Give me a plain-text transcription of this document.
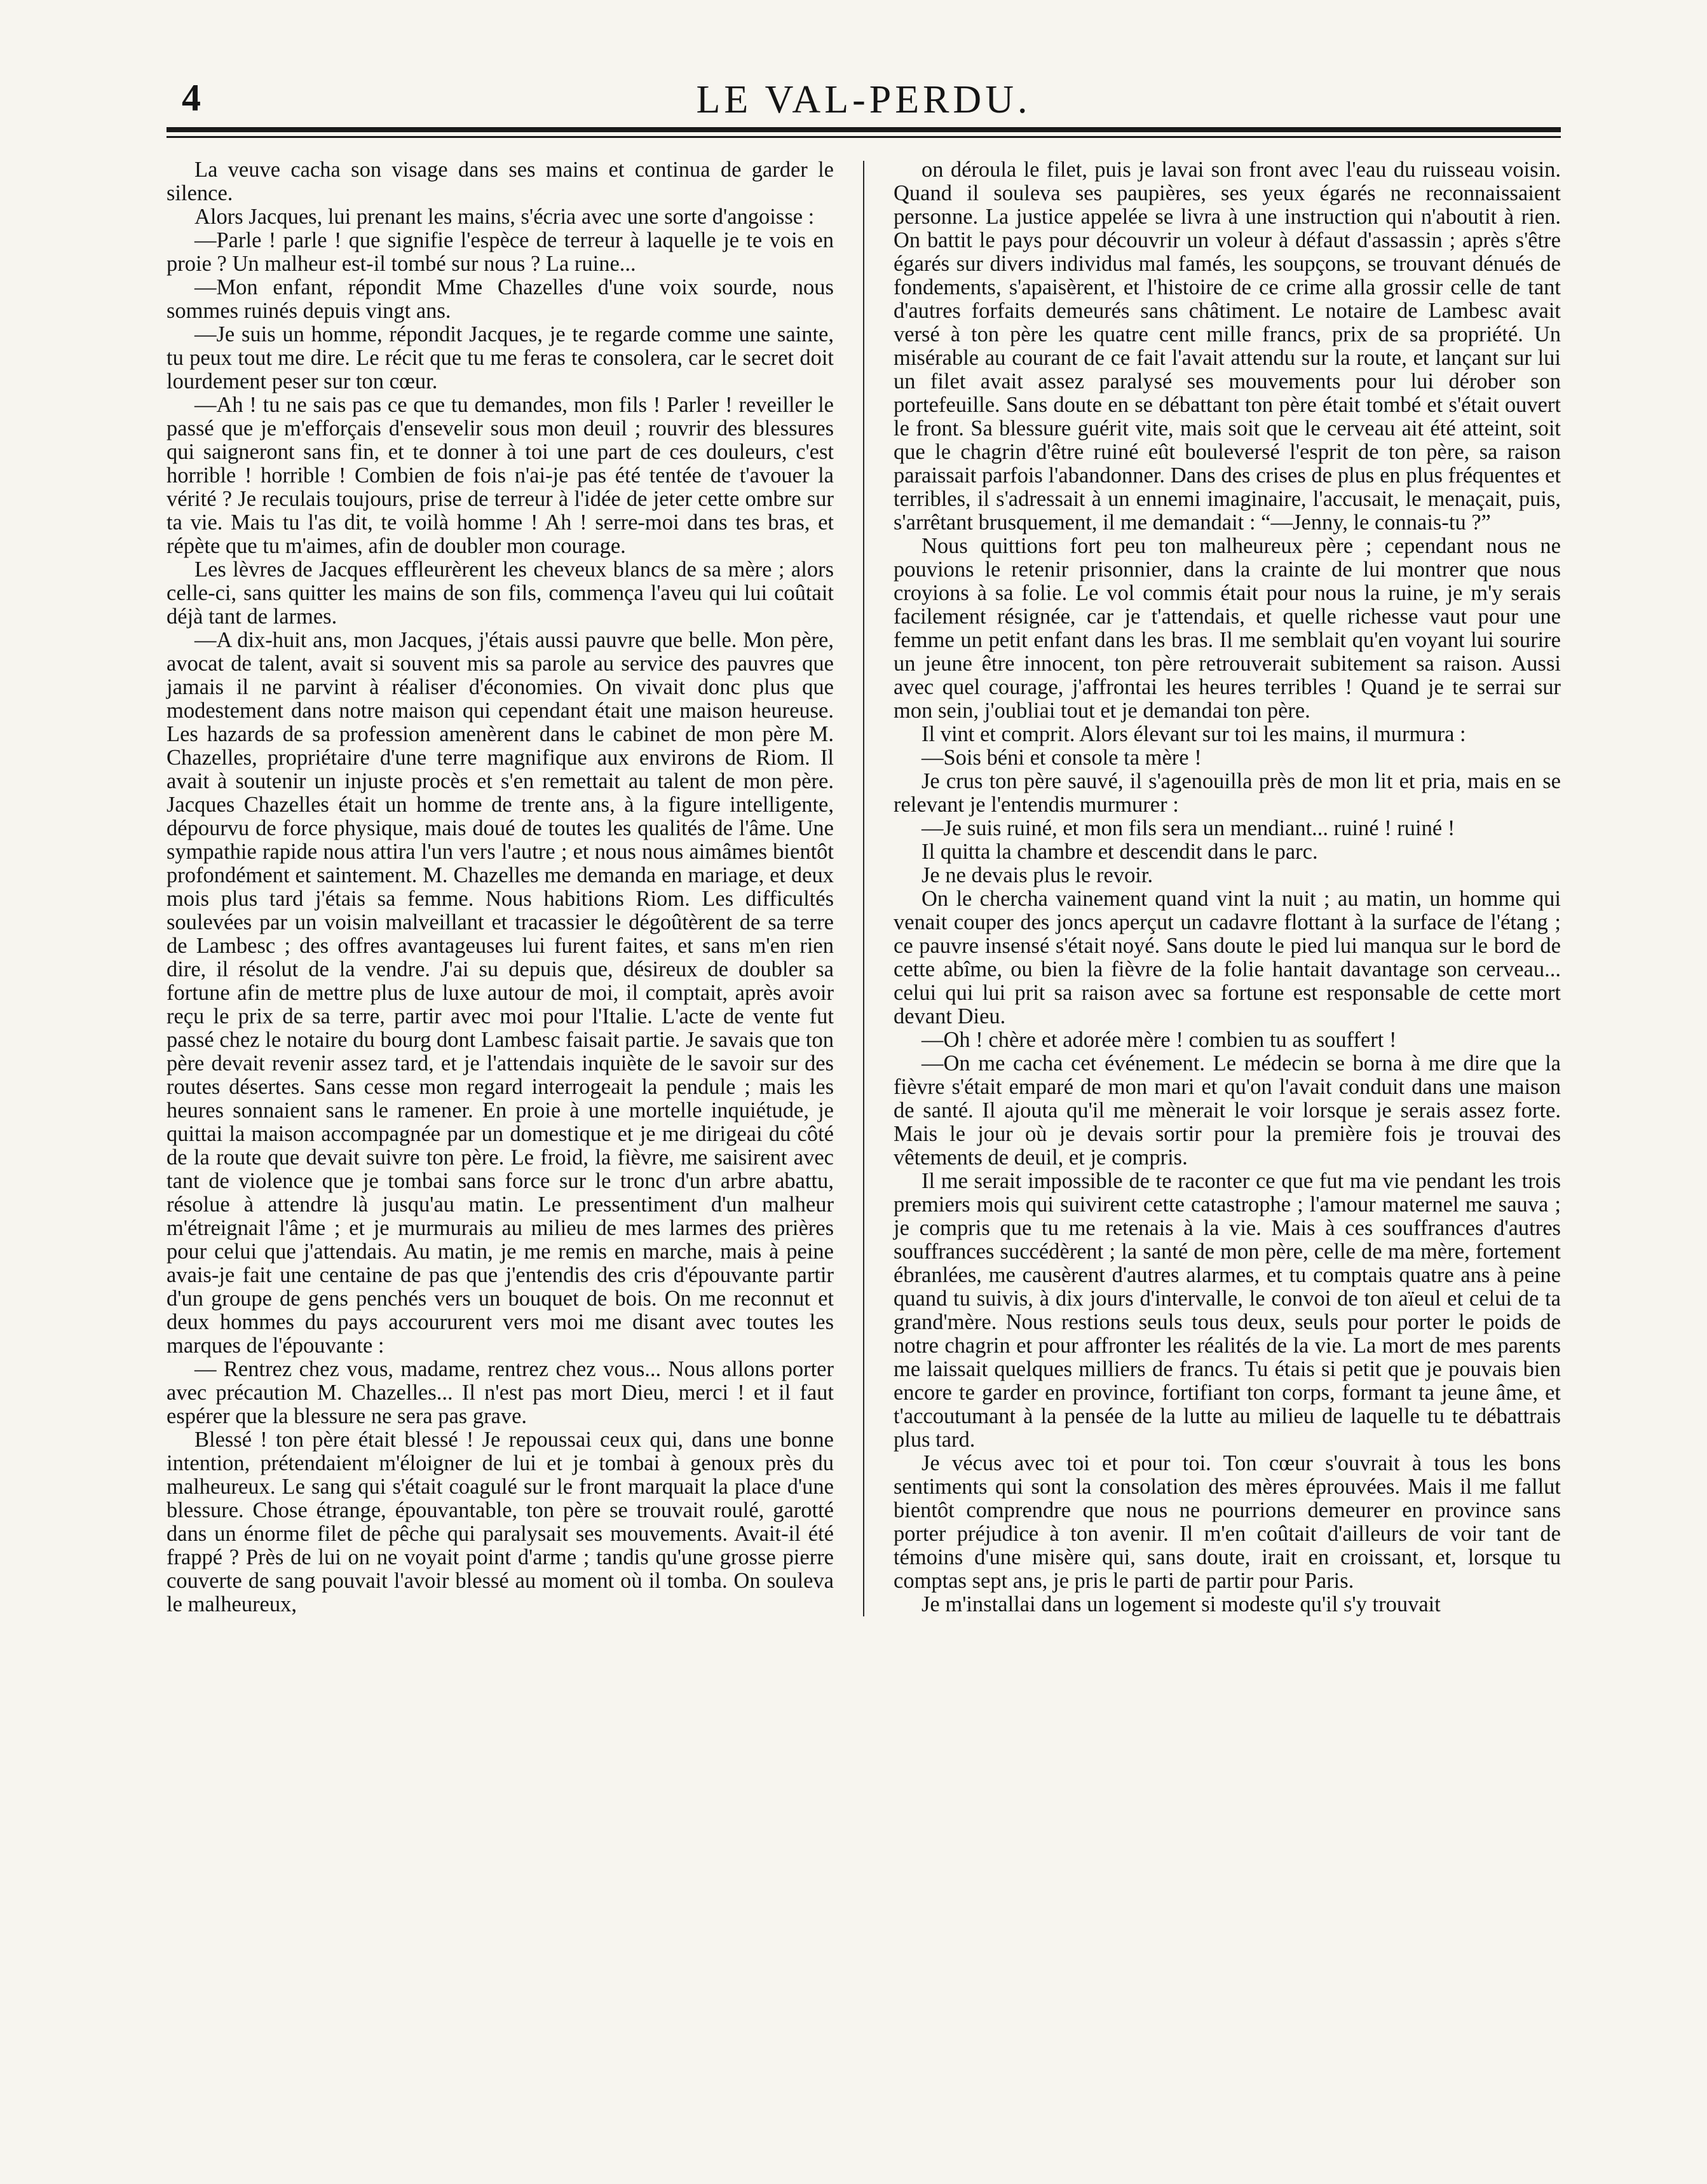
4	LE VAL-PERDU.

La veuve cacha son visage dans ses mains et continua de garder le silence.

Alors Jacques, lui prenant les mains, s'écria avec une sorte d'angoisse :

—Parle ! parle ! que signifie l'espèce de terreur à laquelle je te vois en proie ? Un malheur est-il tombé sur nous ? La ruine...

—Mon enfant, répondit Mme Chazelles d'une voix sourde, nous sommes ruinés depuis vingt ans.

—Je suis un homme, répondit Jacques, je te regarde comme une sainte, tu peux tout me dire. Le récit que tu me feras te consolera, car le secret doit lourdement peser sur ton cœur.

—Ah ! tu ne sais pas ce que tu demandes, mon fils ! Parler ! reveiller le passé que je m'efforçais d'ensevelir sous mon deuil ; rouvrir des blessures qui saigneront sans fin, et te donner à toi une part de ces douleurs, c'est horrible ! horrible ! Combien de fois n'ai-je pas été tentée de t'avouer la vérité ? Je reculais toujours, prise de terreur à l'idée de jeter cette ombre sur ta vie. Mais tu l'as dit, te voilà homme ! Ah ! serre-moi dans tes bras, et répète que tu m'aimes, afin de doubler mon courage.

Les lèvres de Jacques effleurèrent les cheveux blancs de sa mère ; alors celle-ci, sans quitter les mains de son fils, commença l'aveu qui lui coûtait déjà tant de larmes.

—A dix-huit ans, mon Jacques, j'étais aussi pauvre que belle. Mon père, avocat de talent, avait si souvent mis sa parole au service des pauvres que jamais il ne parvint à réaliser d'économies. On vivait donc plus que modestement dans notre maison qui cependant était une maison heureuse. Les hazards de sa profession amenèrent dans le cabinet de mon père M. Chazelles, propriétaire d'une terre magnifique aux environs de Riom. Il avait à soutenir un injuste procès et s'en remettait au talent de mon père. Jacques Chazelles était un homme de trente ans, à la figure intelligente, dépourvu de force physique, mais doué de toutes les qualités de l'âme. Une sympathie rapide nous attira l'un vers l'autre ; et nous nous aimâmes bientôt profondément et saintement. M. Chazelles me demanda en mariage, et deux mois plus tard j'étais sa femme. Nous habitions Riom. Les difficultés soulevées par un voisin malveillant et tracassier le dégoûtèrent de sa terre de Lambesc ; des offres avantageuses lui furent faites, et sans m'en rien dire, il résolut de la vendre. J'ai su depuis que, désireux de doubler sa fortune afin de mettre plus de luxe autour de moi, il comptait, après avoir reçu le prix de sa terre, partir avec moi pour l'Italie. L'acte de vente fut passé chez le notaire du bourg dont Lambesc faisait partie. Je savais que ton père devait revenir assez tard, et je l'attendais inquiète de le savoir sur des routes désertes. Sans cesse mon regard interrogeait la pendule ; mais les heures sonnaient sans le ramener. En proie à une mortelle inquiétude, je quittai la maison accompagnée par un domestique et je me dirigeai du côté de la route que devait suivre ton père. Le froid, la fièvre, me saisirent avec tant de violence que je tombai sans force sur le tronc d'un arbre abattu, résolue à attendre là jusqu'au matin. Le pressentiment d'un malheur m'étreignait l'âme ; et je murmurais au milieu de mes larmes des prières pour celui que j'attendais. Au matin, je me remis en marche, mais à peine avais-je fait une centaine de pas que j'entendis des cris d'épouvante partir d'un groupe de gens penchés vers un bouquet de bois. On me reconnut et deux hommes du pays accoururent vers moi me disant avec toutes les marques de l'épouvante :

— Rentrez chez vous, madame, rentrez chez vous... Nous allons porter avec précaution M. Chazelles... Il n'est pas mort Dieu, merci ! et il faut espérer que la blessure ne sera pas grave.

Blessé ! ton père était blessé ! Je repoussai ceux qui, dans une bonne intention, prétendaient m'éloigner de lui et je tombai à genoux près du malheureux. Le sang qui s'était coagulé sur le front marquait la place d'une blessure. Chose étrange, épouvantable, ton père se trouvait roulé, garotté dans un énorme filet de pêche qui paralysait ses mouvements. Avait-il été frappé ? Près de lui on ne voyait point d'arme ; tandis qu'une grosse pierre couverte de sang pouvait l'avoir blessé au moment où il tomba. On souleva le malheureux,

on déroula le filet, puis je lavai son front avec l'eau du ruisseau voisin. Quand il souleva ses paupières, ses yeux égarés ne reconnaissaient personne. La justice appelée se livra à une instruction qui n'aboutit à rien. On battit le pays pour découvrir un voleur à défaut d'assassin ; après s'être égarés sur divers individus mal famés, les soupçons, se trouvant dénués de fondements, s'apaisèrent, et l'histoire de ce crime alla grossir celle de tant d'autres forfaits demeurés sans châtiment. Le notaire de Lambesc avait versé à ton père les quatre cent mille francs, prix de sa propriété. Un misérable au courant de ce fait l'avait attendu sur la route, et lançant sur lui un filet avait assez paralysé ses mouvements pour lui dérober son portefeuille. Sans doute en se débattant ton père était tombé et s'était ouvert le front. Sa blessure guérit vite, mais soit que le cerveau ait été atteint, soit que le chagrin d'être ruiné eût bouleversé l'esprit de ton père, sa raison paraissait parfois l'abandonner. Dans des crises de plus en plus fréquentes et terribles, il s'adressait à un ennemi imaginaire, l'accusait, le menaçait, puis, s'arrêtant brusquement, il me demandait : “—Jenny, le connais-tu ?”

Nous quittions fort peu ton malheureux père ; cependant nous ne pouvions le retenir prisonnier, dans la crainte de lui montrer que nous croyions à sa folie. Le vol commis était pour nous la ruine, je m'y serais facilement résignée, car je t'attendais, et quelle richesse vaut pour une femme un petit enfant dans les bras. Il me semblait qu'en voyant lui sourire un jeune être innocent, ton père retrouverait subitement sa raison. Aussi avec quel courage, j'affrontai les heures terribles ! Quand je te serrai sur mon sein, j'oubliai tout et je demandai ton père.

Il vint et comprit. Alors élevant sur toi les mains, il murmura :

—Sois béni et console ta mère !

Je crus ton père sauvé, il s'agenouilla près de mon lit et pria, mais en se relevant je l'entendis murmurer :

—Je suis ruiné, et mon fils sera un mendiant... ruiné ! ruiné !

Il quitta la chambre et descendit dans le parc.

Je ne devais plus le revoir.

On le chercha vainement quand vint la nuit ; au matin, un homme qui venait couper des joncs aperçut un cadavre flottant à la surface de l'étang ; ce pauvre insensé s'était noyé. Sans doute le pied lui manqua sur le bord de cette abîme, ou bien la fièvre de la folie hantait davantage son cerveau... celui qui lui prit sa raison avec sa fortune est responsable de cette mort devant Dieu.

—Oh ! chère et adorée mère ! combien tu as souffert !

—On me cacha cet événement. Le médecin se borna à me dire que la fièvre s'était emparé de mon mari et qu'on l'avait conduit dans une maison de santé. Il ajouta qu'il me mènerait le voir lorsque je serais assez forte. Mais le jour où je devais sortir pour la première fois je trouvai des vêtements de deuil, et je compris.

Il me serait impossible de te raconter ce que fut ma vie pendant les trois premiers mois qui suivirent cette catastrophe ; l'amour maternel me sauva ; je compris que tu me retenais à la vie. Mais à ces souffrances d'autres souffrances succédèrent ; la santé de mon père, celle de ma mère, fortement ébranlées, me causèrent d'autres alarmes, et tu comptais quatre ans à peine quand tu suivis, à dix jours d'intervalle, le convoi de ton aïeul et celui de ta grand'mère. Nous restions seuls tous deux, seuls pour porter le poids de notre chagrin et pour affronter les réalités de la vie. La mort de mes parents me laissait quelques milliers de francs. Tu étais si petit que je pouvais bien encore te garder en province, fortifiant ton corps, formant ta jeune âme, et t'accoutumant à la pensée de la lutte au milieu de laquelle tu te débattrais plus tard.

Je vécus avec toi et pour toi. Ton cœur s'ouvrait à tous les bons sentiments qui sont la consolation des mères éprouvées. Mais il me fallut bientôt comprendre que nous ne pourrions demeurer en province sans porter préjudice à ton avenir. Il m'en coûtait d'ailleurs de voir tant de témoins d'une misère qui, sans doute, irait en croissant, et, lorsque tu comptas sept ans, je pris le parti de partir pour Paris.

Je m'installai dans un logement si modeste qu'il s'y trouvait
